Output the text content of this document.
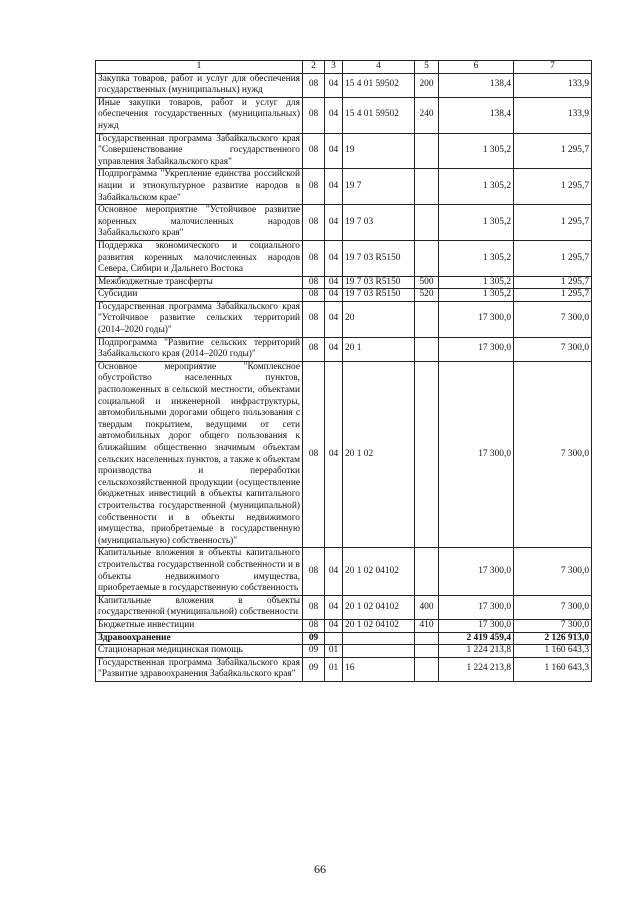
1	2	3	4	5	6	7
Закупка товаров, работ и услуг для обеспечения государственных (муниципальных) нужд	08	04	15 4 01 59502	200	138,4	133,9
Иные закупки товаров, работ и услуг для обеспечения государственных (муниципальных) нужд	08	04	15 4 01 59502	240	138,4	133,9
Государственная программа Забайкальского края "Совершенствование государственного управления Забайкальского края"	08	04	19		1 305,2	1 295,7
Подпрограмма "Укрепление единства российской нации и этнокультурное развитие народов в Забайкальском крае"	08	04	19 7		1 305,2	1 295,7
Основное мероприятие "Устойчивое развитие коренных малочисленных народов Забайкальского края"	08	04	19 7 03		1 305,2	1 295,7
Поддержка экономического и социального развития коренных малочисленных народов Севера, Сибири и Дальнего Востока	08	04	19 7 03 R5150		1 305,2	1 295,7
Межбюджетные трансферты	08	04	19 7 03 R5150	500	1 305,2	1 295,7
Субсидии	08	04	19 7 03 R5150	520	1 305,2	1 295,7
Государственная программа Забайкальского края "Устойчивое развитие сельских территорий (2014–2020 годы)"	08	04	20		17 300,0	7 300,0
Подпрограмма "Развитие сельских территорий Забайкальского края (2014–2020 годы)"	08	04	20 1		17 300,0	7 300,0
Основное мероприятие "Комплексное обустройство населенных пунктов, расположенных в сельской местности, объектами социальной и инженерной инфраструктуры, автомобильными дорогами общего пользования с твердым покрытием, ведущими от сети автомобильных дорог общего пользования к ближайшим общественно значимым объектам сельских населенных пунктов, а также к объектам производства и переработки сельскохозяйственной продукции (осуществление бюджетных инвестиций в объекты капитального строительства государственной (муниципальной) собственности и в объекты недвижимого имущества, приобретаемые в государственную (муниципальную) собственность)"	08	04	20 1 02		17 300,0	7 300,0
Капитальные вложения в объекты капитального строительства государственной собственности и в объекты недвижимого имущества, приобретаемые в государственную собственность	08	04	20 1 02 04102		17 300,0	7 300,0
Капитальные вложения в объекты государственной (муниципальной) собственности	08	04	20 1 02 04102	400	17 300,0	7 300,0
Бюджетные инвестиции	08	04	20 1 02 04102	410	17 300,0	7 300,0
Здравоохранение	09				2 419 459,4	2 126 913,0
Стационарная медицинская помощь	09	01			1 224 213,8	1 160 643,3
Государственная программа Забайкальского края "Развитие здравоохранения Забайкальского края"	09	01	16		1 224 213,8	1 160 643,3
66
